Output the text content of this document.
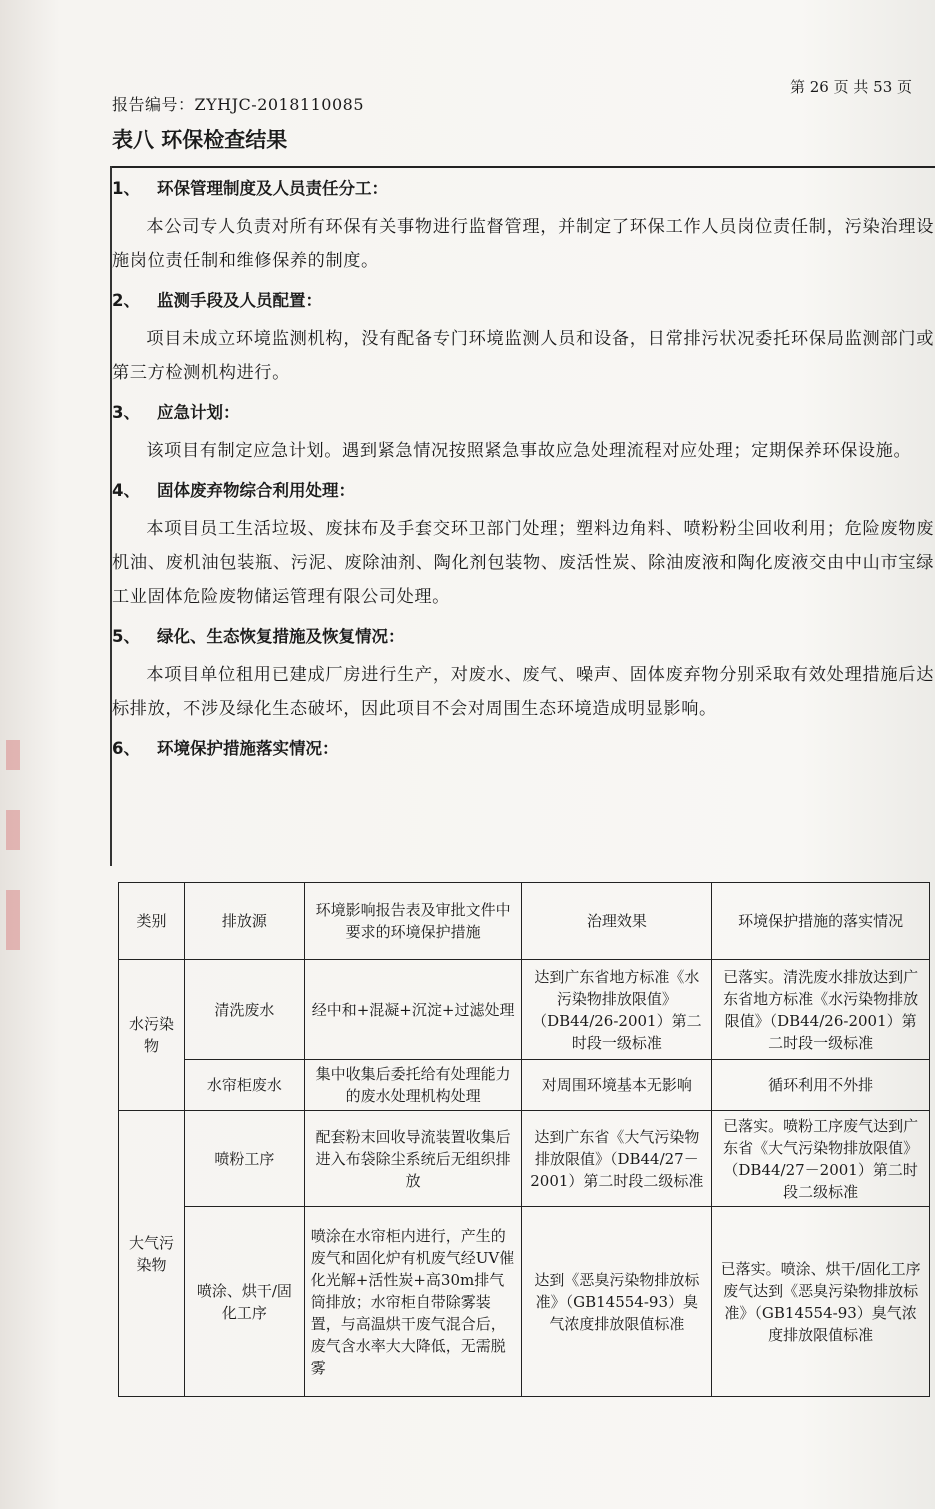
报告编号：ZYHJC-2018110085
第 26 页 共 53 页
表八 环保检查结果
1、 环保管理制度及人员责任分工：
本公司专人负责对所有环保有关事物进行监督管理，并制定了环保工作人员岗位责任制，污染治理设施岗位责任制和维修保养的制度。
2、 监测手段及人员配置：
项目未成立环境监测机构，没有配备专门环境监测人员和设备，日常排污状况委托环保局监测部门或第三方检测机构进行。
3、 应急计划：
该项目有制定应急计划。遇到紧急情况按照紧急事故应急处理流程对应处理；定期保养环保设施。
4、 固体废弃物综合利用处理：
本项目员工生活垃圾、废抹布及手套交环卫部门处理；塑料边角料、喷粉粉尘回收利用；危险废物废机油、废机油包装瓶、污泥、废除油剂、陶化剂包装物、废活性炭、除油废液和陶化废液交由中山市宝绿工业固体危险废物储运管理有限公司处理。
5、 绿化、生态恢复措施及恢复情况：
本项目单位租用已建成厂房进行生产，对废水、废气、噪声、固体废弃物分别采取有效处理措施后达标排放，不涉及绿化生态破坏，因此项目不会对周围生态环境造成明显影响。
6、 环境保护措施落实情况：
类别	排放源	环境影响报告表及审批文件中要求的环境保护措施	治理效果	环境保护措施的落实情况
水污染物	清洗废水	经中和+混凝+沉淀+过滤处理	达到广东省地方标准《水污染物排放限值》（DB44/26-2001）第二时段一级标准	已落实。清洗废水排放达到广东省地方标准《水污染物排放限值》（DB44/26-2001）第二时段一级标准
	水帘柜废水	集中收集后委托给有处理能力的废水处理机构处理	对周围环境基本无影响	循环利用不外排
大气污染物	喷粉工序	配套粉末回收导流装置收集后进入布袋除尘系统后无组织排放	达到广东省《大气污染物排放限值》（DB44/27－2001）第二时段二级标准	已落实。喷粉工序废气达到广东省《大气污染物排放限值》（DB44/27－2001）第二时段二级标准
	喷涂、烘干/固化工序	喷涂在水帘柜内进行，产生的废气和固化炉有机废气经UV催化光解+活性炭+高30m排气筒排放；水帘柜自带除雾装置，与高温烘干废气混合后，废气含水率大大降低，无需脱雾	达到《恶臭污染物排放标准》（GB14554-93）臭气浓度排放限值标准	已落实。喷涂、烘干/固化工序废气达到《恶臭污染物排放标准》（GB14554-93）臭气浓度排放限值标准
